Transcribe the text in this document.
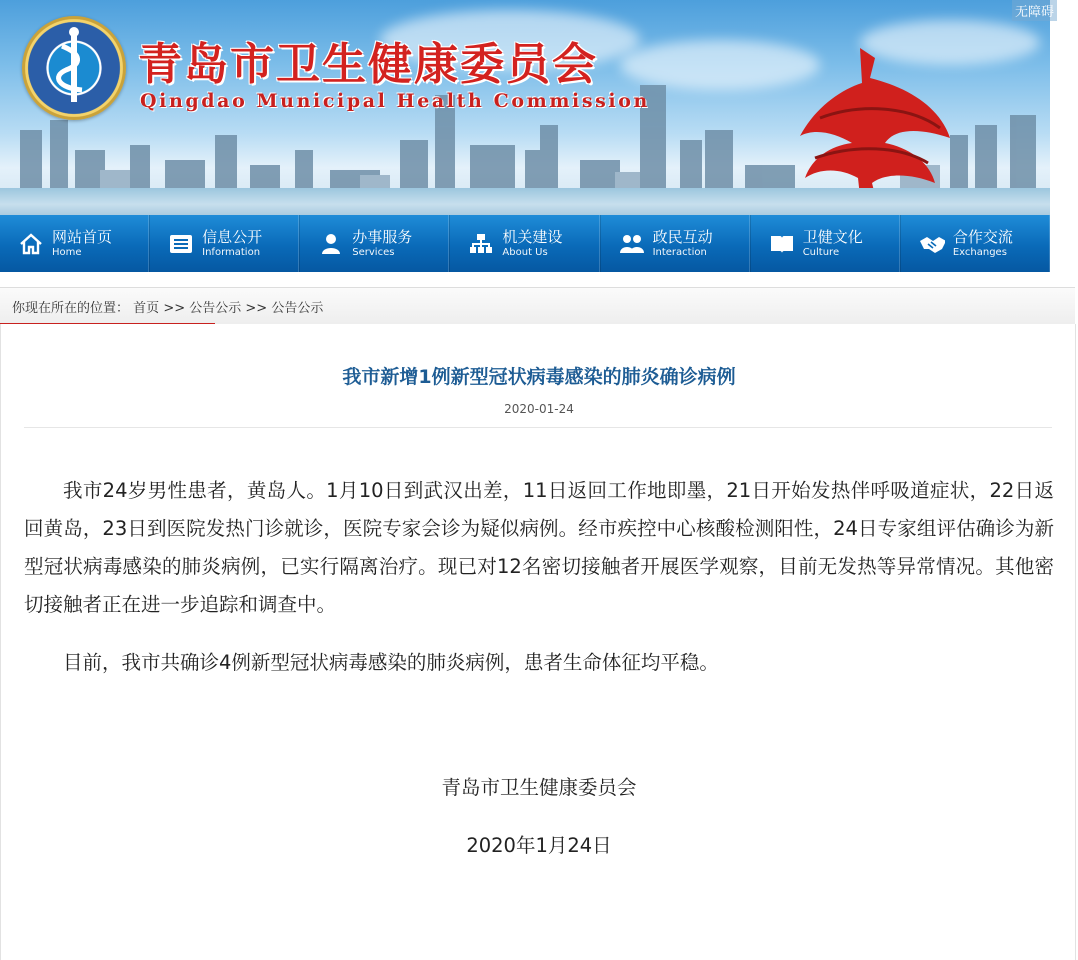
青岛市卫生健康委员会
Qingdao Municipal Health Commission
无障碍
网站首页
Home
信息公开
Information
办事服务
Services
机关建设
About Us
政民互动
Interaction
卫健文化
Culture
合作交流
Exchanges
你现在所在的位置： 首页 >> 公告公示 >> 公告公示
我市新增1例新型冠状病毒感染的肺炎确诊病例
2020-01-24

我市24岁男性患者，黄岛人。1月10日到武汉出差，11日返回工作地即墨，21日开始发热伴呼吸道症状，22日返回黄岛，23日到医院发热门诊就诊，医院专家会诊为疑似病例。经市疾控中心核酸检测阳性，24日专家组评估确诊为新型冠状病毒感染的肺炎病例，已实行隔离治疗。现已对12名密切接触者开展医学观察，目前无发热等异常情况。其他密切接触者正在进一步追踪和调查中。

目前，我市共确诊4例新型冠状病毒感染的肺炎病例，患者生命体征均平稳。

青岛市卫生健康委员会
2020年1月24日
